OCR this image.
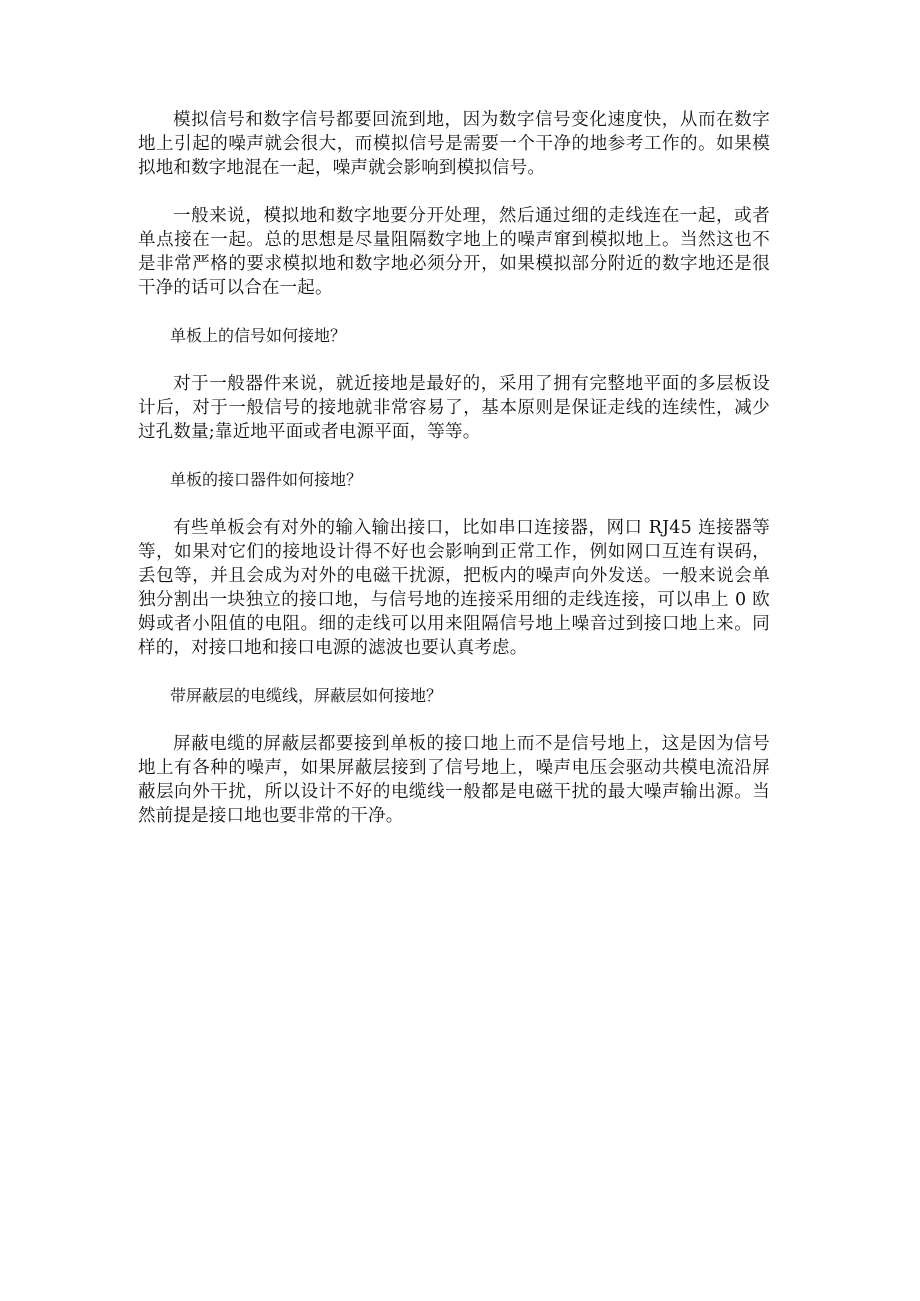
模拟信号和数字信号都要回流到地，因为数字信号变化速度快，从而在数字地上引起的噪声就会很大，而模拟信号是需要一个干净的地参考工作的。如果模拟地和数字地混在一起，噪声就会影响到模拟信号。

一般来说，模拟地和数字地要分开处理，然后通过细的走线连在一起，或者单点接在一起。总的思想是尽量阻隔数字地上的噪声窜到模拟地上。当然这也不是非常严格的要求模拟地和数字地必须分开，如果模拟部分附近的数字地还是很干净的话可以合在一起。

单板上的信号如何接地？

对于一般器件来说，就近接地是最好的，采用了拥有完整地平面的多层板设计后，对于一般信号的接地就非常容易了，基本原则是保证走线的连续性，减少过孔数量;靠近地平面或者电源平面，等等。

单板的接口器件如何接地？

有些单板会有对外的输入输出接口，比如串口连接器，网口 RJ45 连接器等等，如果对它们的接地设计得不好也会影响到正常工作，例如网口互连有误码，丢包等，并且会成为对外的电磁干扰源，把板内的噪声向外发送。一般来说会单独分割出一块独立的接口地，与信号地的连接采用细的走线连接，可以串上 0 欧姆或者小阻值的电阻。细的走线可以用来阻隔信号地上噪音过到接口地上来。同样的，对接口地和接口电源的滤波也要认真考虑。

带屏蔽层的电缆线，屏蔽层如何接地？

屏蔽电缆的屏蔽层都要接到单板的接口地上而不是信号地上，这是因为信号地上有各种的噪声，如果屏蔽层接到了信号地上，噪声电压会驱动共模电流沿屏蔽层向外干扰，所以设计不好的电缆线一般都是电磁干扰的最大噪声输出源。当然前提是接口地也要非常的干净。
